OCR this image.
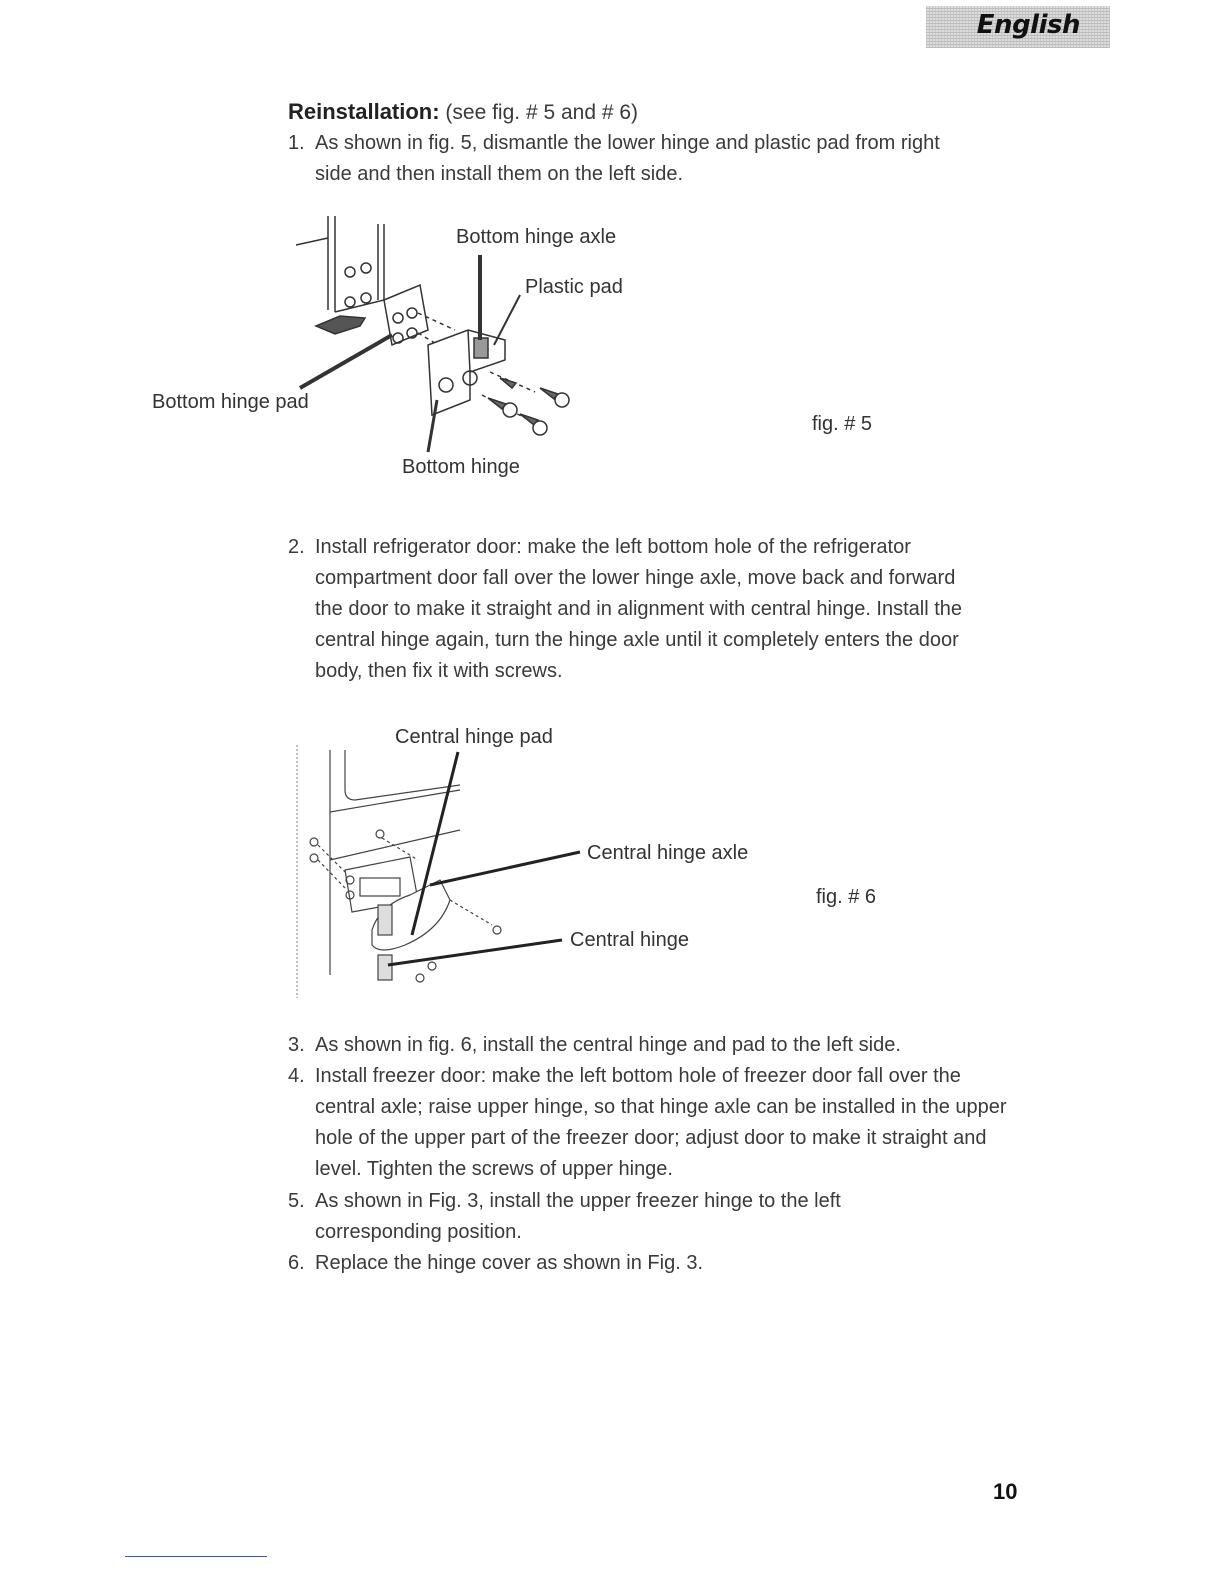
English
Reinstallation: (see fig. # 5 and # 6)
1. As shown in fig. 5, dismantle the lower hinge and plastic pad from right side and then install them on the left side.
Bottom hinge axle
Plastic pad
Bottom hinge pad
Bottom hinge
fig. # 5
2. Install refrigerator door: make the left bottom hole of the refrigerator compartment door fall over the lower hinge axle, move back and forward the door to make it straight and in alignment with central hinge. Install the central hinge again, turn the hinge axle until it completely enters the door body, then fix it with screws.
Central hinge pad
Central hinge axle
Central hinge
fig. # 6
3. As shown in fig. 6, install the central hinge and pad to the left side.
4. Install freezer door: make the left bottom hole of freezer door fall over the central axle; raise upper hinge, so that hinge axle can be installed in the upper hole of the upper part of the freezer door; adjust door to make it straight and level. Tighten the screws of upper hinge.
5. As shown in Fig. 3, install the upper freezer hinge to the left corresponding position.
6. Replace the hinge cover as shown in Fig. 3.
10
